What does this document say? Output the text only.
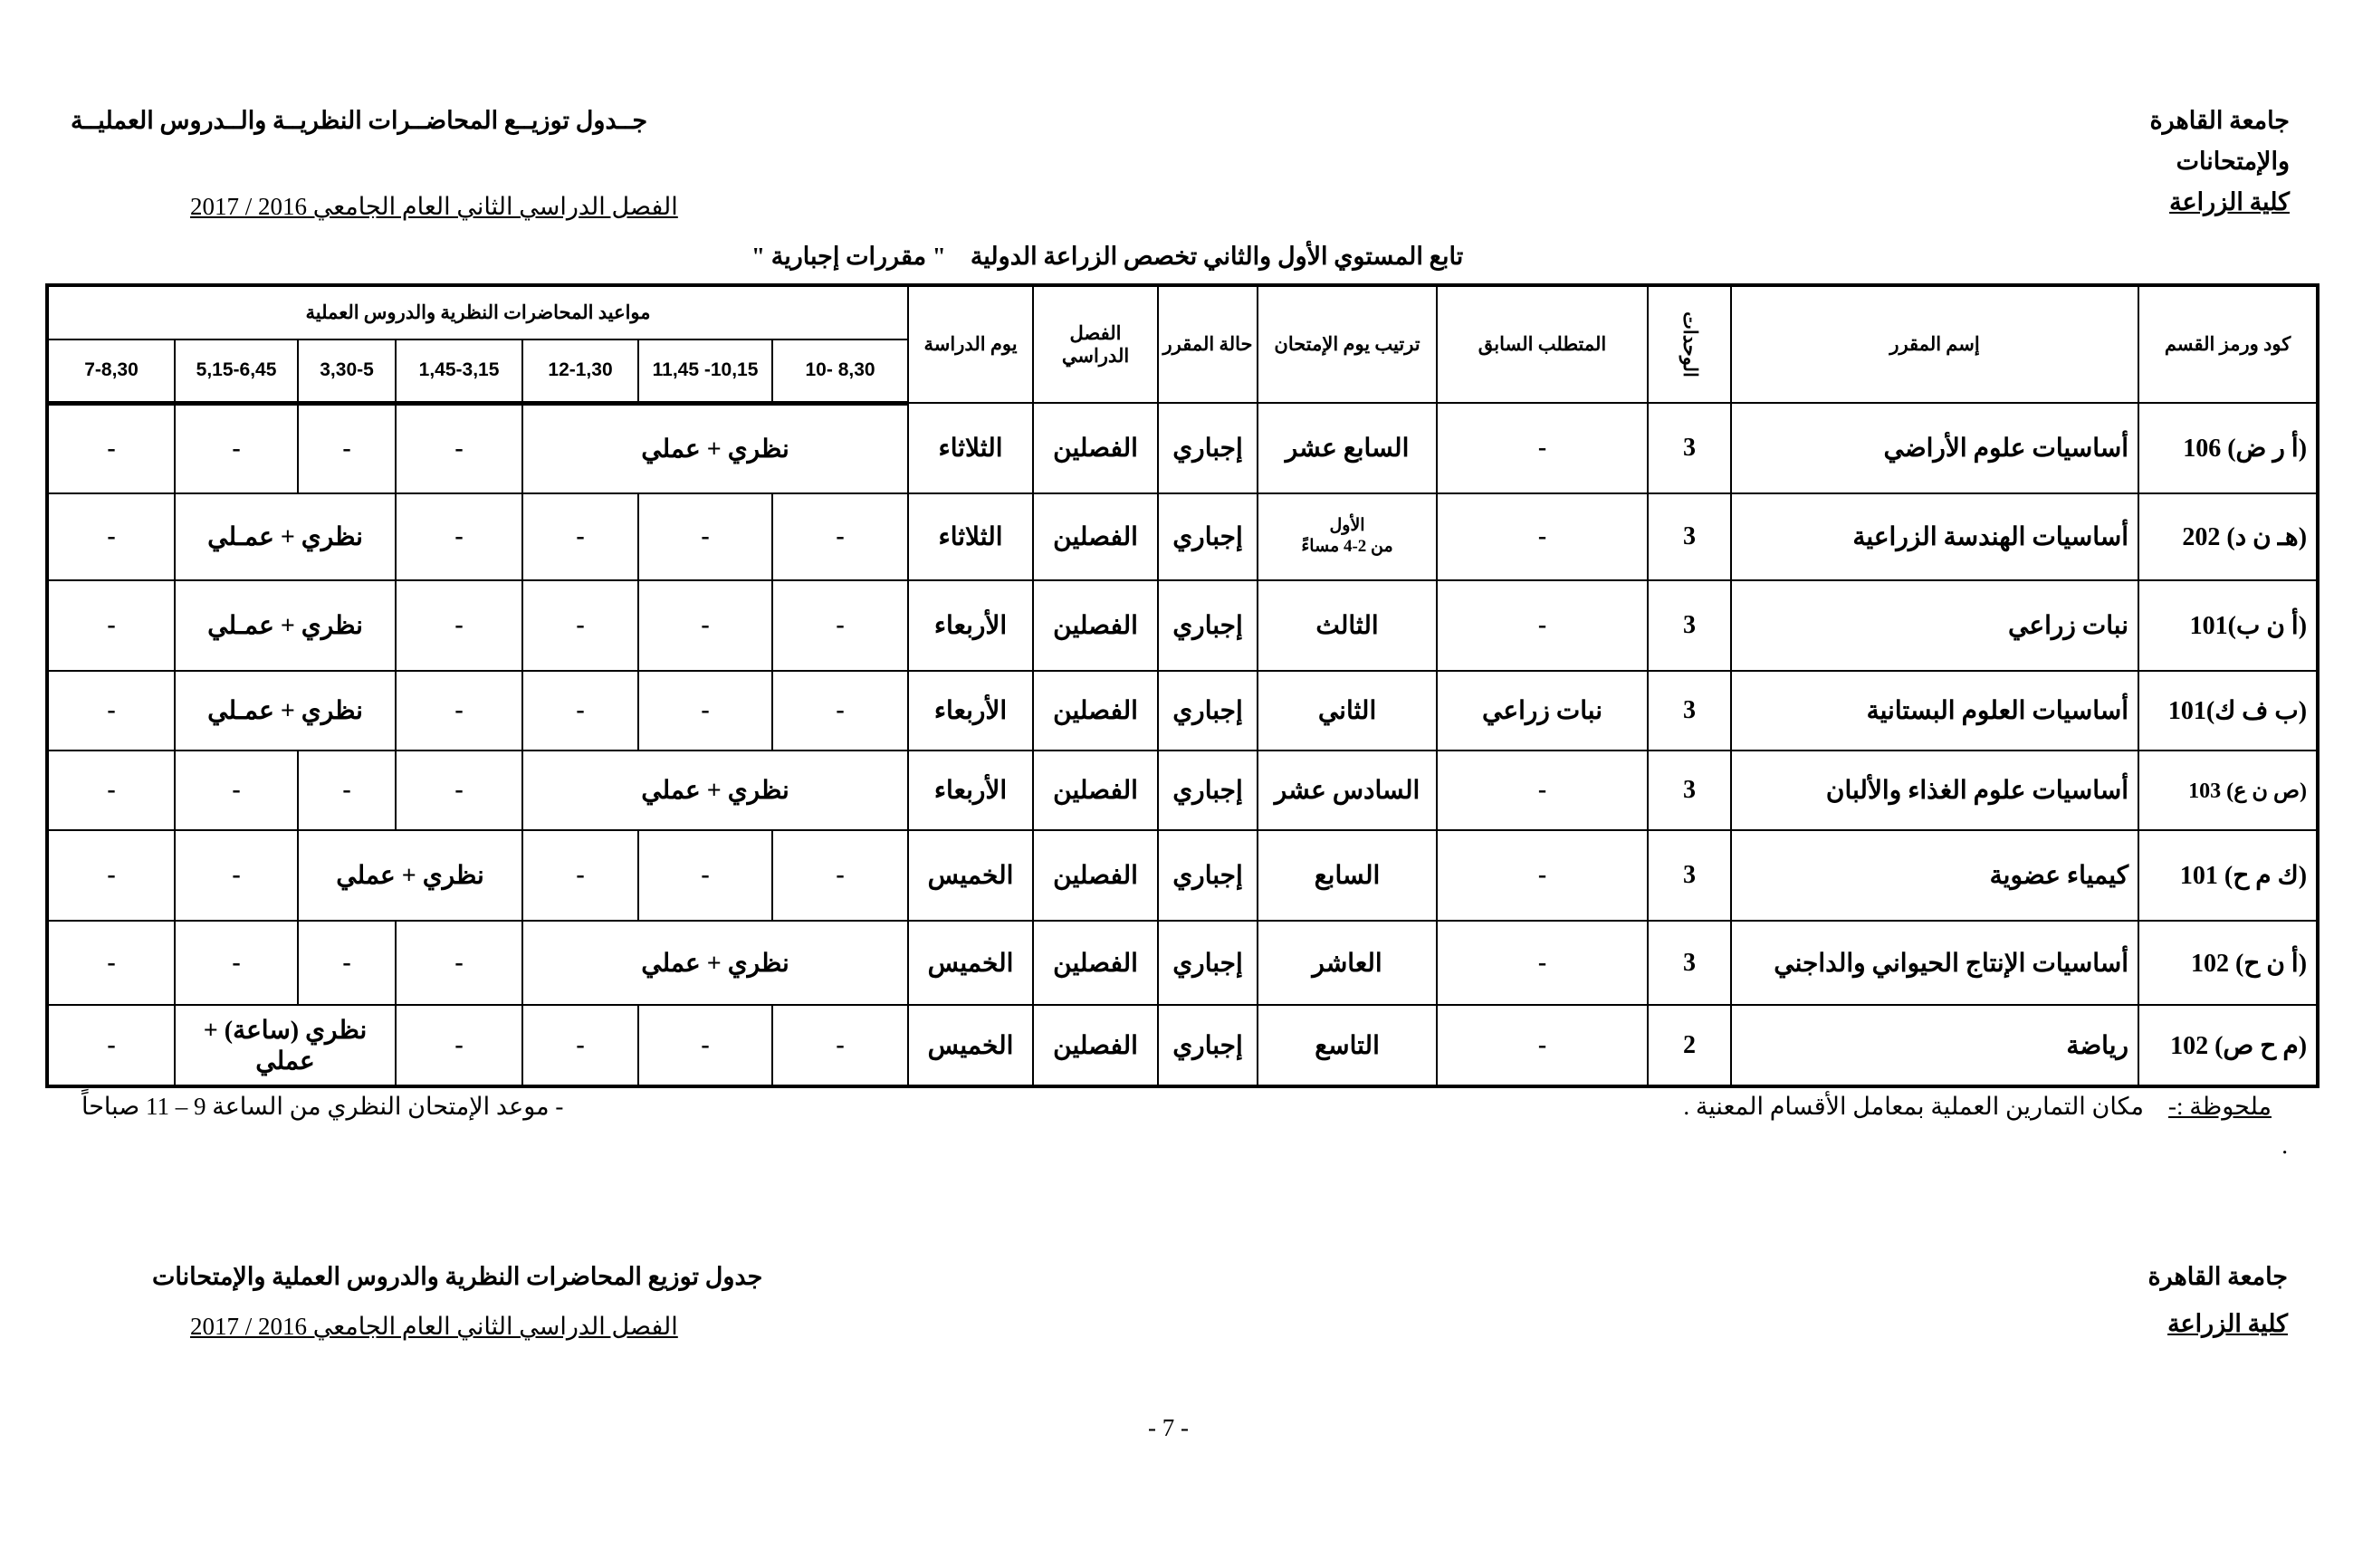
جامعة القاهرة
والإمتحانات
كلية الزراعة
جــدول توزيــع المحاضــرات النظريــة والــدروس العمليــة
الفصل الدراسي الثاني العام الجامعي 2016 / 2017
تابع المستوي الأول والثاني تخصص الزراعة الدولية    " مقررات إجبارية "
كود ورمز القسم	إسم المقرر	الوحدات	المتطلب السابق	ترتيب يوم الإمتحان	حالة المقرر	الفصل الدراسي	يوم الدراسة	مواعيد المحاضرات النظرية والدروس العملية						
								8,30 -10	10,15- 11,45	12-1,30	1,45-3,15	3,30-5	5,15-6,45	7-8,30
(أ ر ض) 106	أساسيات علوم الأراضي	3	-	السابع عشر	إجباري	الفصلين	الثلاثاء	نظري + عملي			-	-	-	-
(هـ ن د) 202	أساسيات الهندسة الزراعية	3	-	الأول
من 2-4 مساءً	إجباري	الفصلين	الثلاثاء	-	-	-	-	نظري + عمـلي		-
(أ ن ب)101	نبات زراعي	3	-	الثالث	إجباري	الفصلين	الأربعاء	-	-	-	-	نظري + عمـلي		-
(ب ف ك)101	أساسيات العلوم البستانية	3	نبات زراعي	الثاني	إجباري	الفصلين	الأربعاء	-	-	-	-	نظري + عمـلي		-
(ص ن ع) 103	أساسيات علوم الغذاء والألبان	3	-	السادس عشر	إجباري	الفصلين	الأربعاء	نظري + عملي			-	-	-	-
(ك م ح) 101	كيمياء عضوية	3	-	السابع	إجباري	الفصلين	الخميس	-	-	-	نظري + عملي		-	-
(أ ن ح) 102	أساسيات الإنتاج الحيواني والداجني	3	-	العاشر	إجباري	الفصلين	الخميس	نظري + عملي			-	-	-	-
(م ح ص) 102	رياضة	2	-	التاسع	إجباري	الفصلين	الخميس	-	-	-	-	نظري (ساعة) + عملي		-
ملحوظة :-    مكان التمارين العملية بمعامل الأقسام المعنية .
- موعد الإمتحان النظري من الساعة 9 – 11 صباحاً
.
جامعة القاهرة
كلية الزراعة
جدول توزيع المحاضرات النظرية والدروس العملية والإمتحانات
الفصل الدراسي الثاني العام الجامعي 2016 / 2017
- 7 -
